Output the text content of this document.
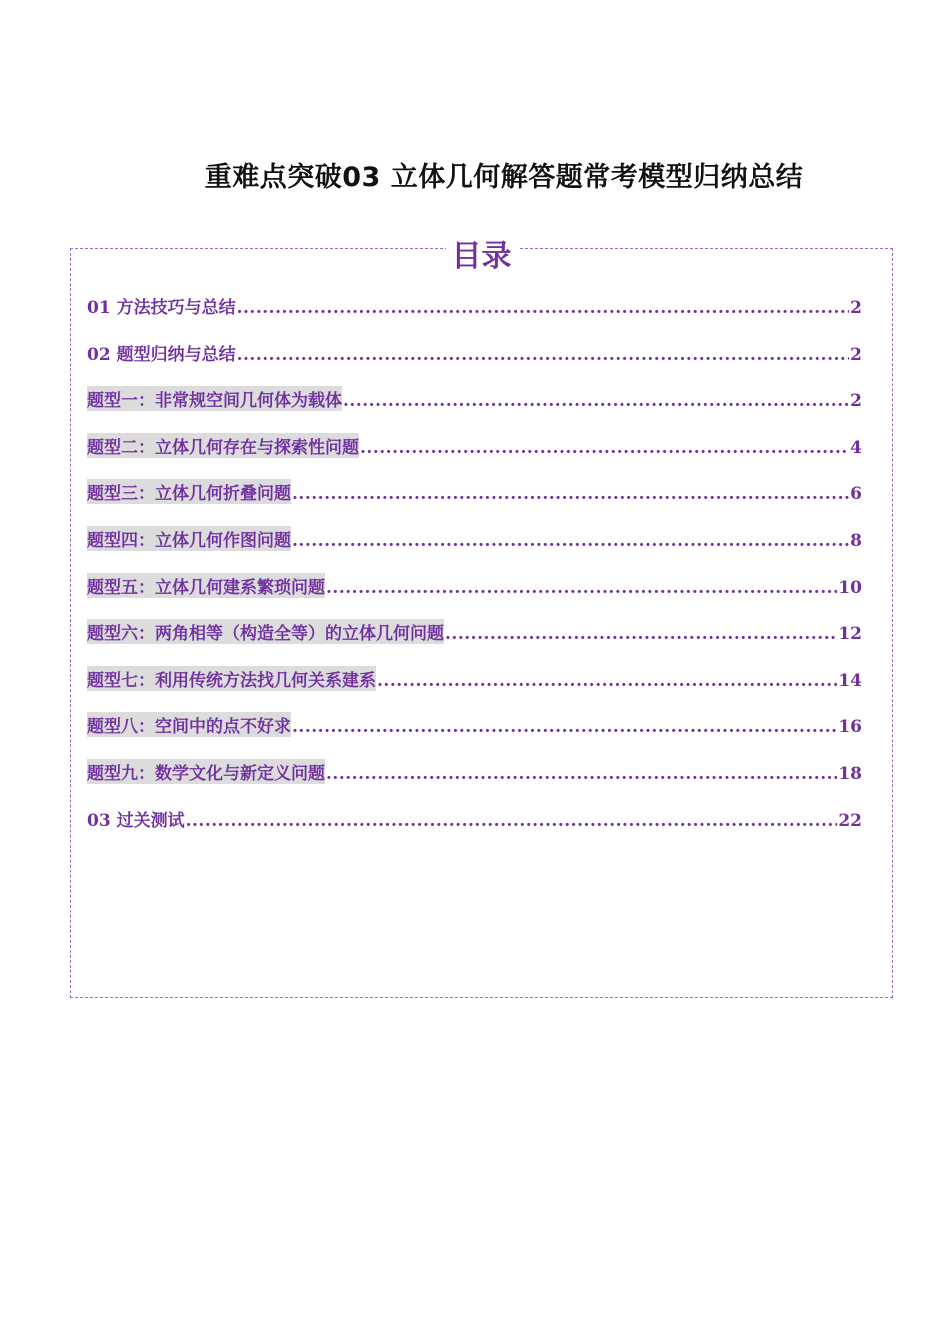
重难点突破03 立体几何解答题常考模型归纳总结
目录
01 方法技巧与总结 .....	2
02 题型归纳与总结 .....	2
题型一：非常规空间几何体为载体 .....	2
题型二：立体几何存在与探索性问题 .....	4
题型三：立体几何折叠问题 .....	6
题型四：立体几何作图问题 .....	8
题型五：立体几何建系繁琐问题 .....	10
题型六：两角相等（构造全等）的立体几何问题 .....	12
题型七：利用传统方法找几何关系建系 .....	14
题型八：空间中的点不好求 .....	16
题型九：数学文化与新定义问题 .....	18
03 过关测试 .....	22
